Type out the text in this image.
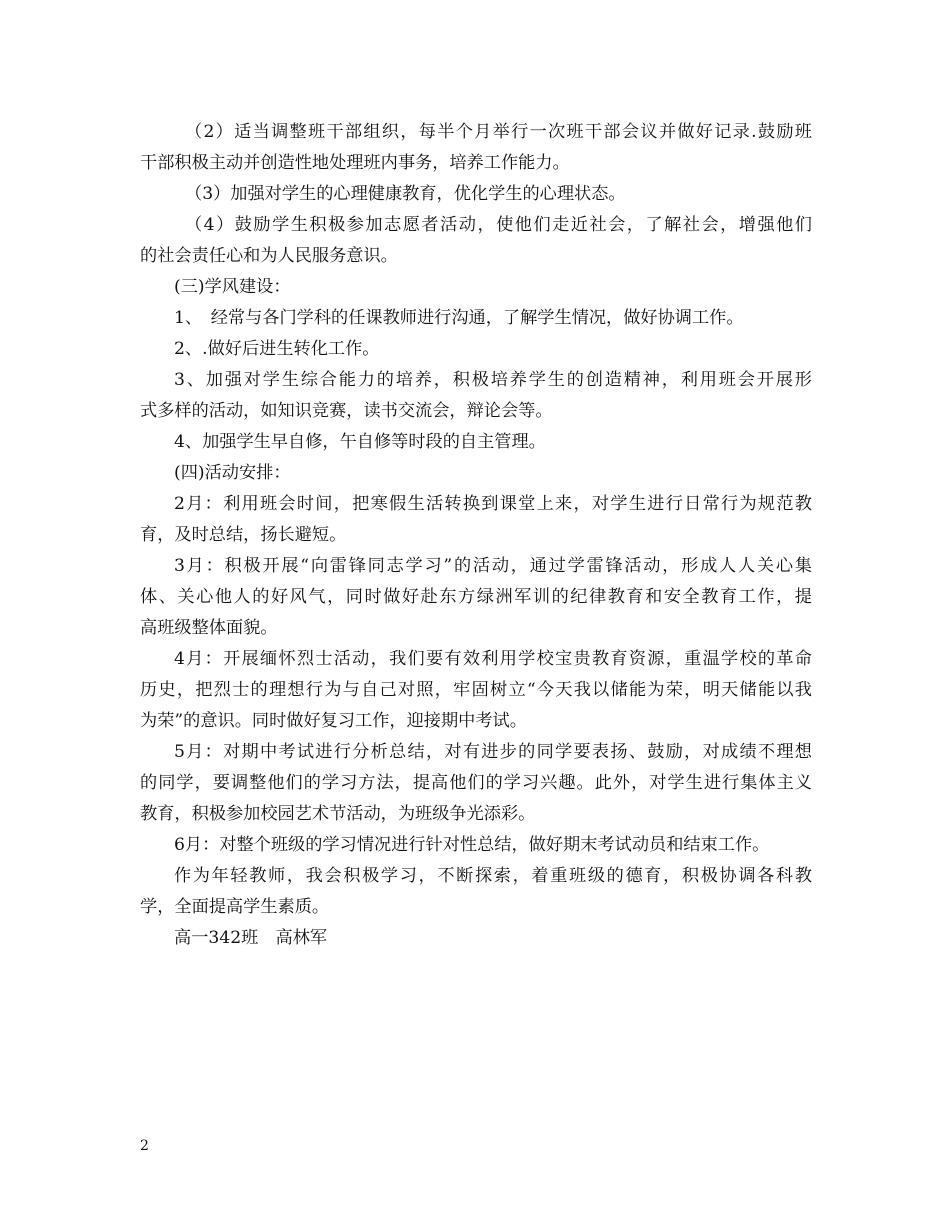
（2）适当调整班干部组织，每半个月举行一次班干部会议并做好记录.鼓励班
干部积极主动并创造性地处理班内事务，培养工作能力。
（3）加强对学生的心理健康教育，优化学生的心理状态。
（4）鼓励学生积极参加志愿者活动，使他们走近社会，了解社会，增强他们
的社会责任心和为人民服务意识。
(三)学风建设：
1、　经常与各门学科的任课教师进行沟通，了解学生情况，做好协调工作。
2、.做好后进生转化工作。
3、加强对学生综合能力的培养，积极培养学生的创造精神，利用班会开展形
式多样的活动，如知识竞赛，读书交流会，辩论会等。
4、加强学生早自修，午自修等时段的自主管理。
(四)活动安排：
2月：利用班会时间，把寒假生活转换到课堂上来，对学生进行日常行为规范教
育，及时总结，扬长避短。
3月：积极开展“向雷锋同志学习”的活动，通过学雷锋活动，形成人人关心集
体、关心他人的好风气，同时做好赴东方绿洲军训的纪律教育和安全教育工作，提
高班级整体面貌。
4月：开展缅怀烈士活动，我们要有效利用学校宝贵教育资源，重温学校的革命
历史，把烈士的理想行为与自己对照，牢固树立“今天我以储能为荣，明天储能以我
为荣”的意识。同时做好复习工作，迎接期中考试。
5月：对期中考试进行分析总结，对有进步的同学要表扬、鼓励，对成绩不理想
的同学，要调整他们的学习方法，提高他们的学习兴趣。此外，对学生进行集体主义
教育，积极参加校园艺术节活动，为班级争光添彩。
6月：对整个班级的学习情况进行针对性总结，做好期末考试动员和结束工作。
作为年轻教师，我会积极学习，不断探索，着重班级的德育，积极协调各科教
学，全面提高学生素质。
高一342班　高林军
2
